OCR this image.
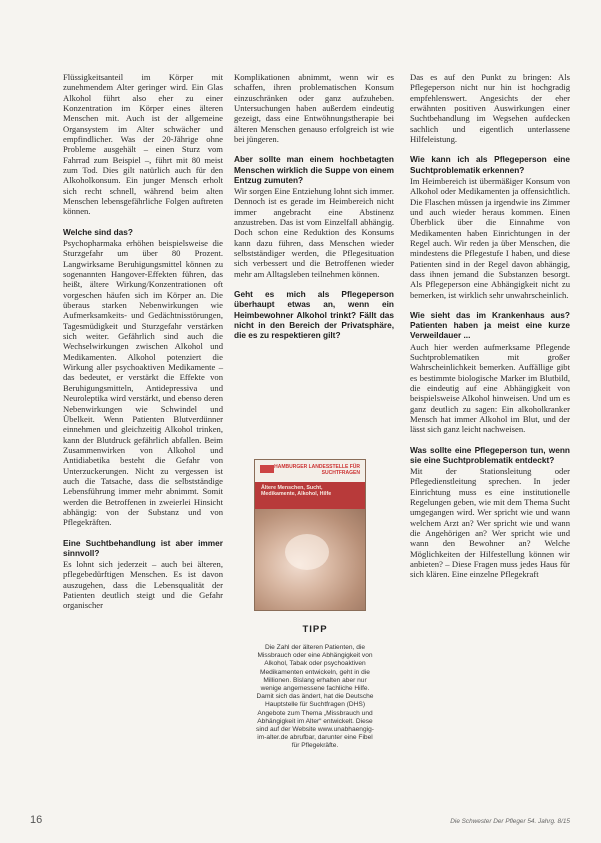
Flüssigkeitsanteil im Körper mit zunehmendem Alter geringer wird. Ein Glas Alkohol führt also eher zu einer Konzentration im Körper eines älteren Menschen mit. Auch ist der allgemeine Organsystem im Alter schwächer und empfindlicher. Was der 20-Jährige ohne Probleme ausgehält – einen Sturz vom Fahrrad zum Beispiel –, führt mit 80 meist zum Tod. Dies gilt natürlich auch für den Alkoholkonsum. Ein junger Mensch erholt sich recht schnell, während beim alten Menschen lebensgefährliche Folgen auftreten können.

Welche sind das?

Psychopharmaka erhöhen beispielsweise die Sturzgefahr um über 80 Prozent. Langwirksame Beruhigungsmittel können zu sogenannten Hangover-Effekten führen, das heißt, ältere Wirkung/Konzentrationen oft vorgeschen häufen sich im Körper an. Die überaus starken Nebenwirkungen wie Aufmerksamkeits- und Gedächtnisstörungen, Tagesmüdigkeit und Sturzgefahr verstärken sich weiter. Gefährlich sind auch die Wechselwirkungen zwischen Alkohol und Medikamenten. Alkohol potenziert die Wirkung aller psychoaktiven Medikamente – das bedeutet, er verstärkt die Effekte von Beruhigungsmitteln, Antidepressiva und Neuroleptika wird verstärkt, und ebenso deren Nebenwirkungen wie Schwindel und Übelkeit. Wenn Patienten Blutverdünner einnehmen und gleichzeitig Alkohol trinken, kann der Blutdruck gefährlich abfallen. Beim Zusammenwirken von Alkohol und Antidiabetika besteht die Gefahr von Unterzuckerungen. Nicht zu vergessen ist auch die Tatsache, dass die selbstständige Lebensführung immer mehr abnimmt. Somit werden die Betroffenen in zweierlei Hinsicht abhängig: von der Substanz und von Pflegekräften.

Eine Suchtbehandlung ist aber immer sinnvoll?

Es lohnt sich jederzeit – auch bei älteren, pflegebedürftigen Menschen. Es ist davon auszugehen, dass die Lebensqualität der Patienten deutlich steigt und die Gefahr organischer

Komplikationen abnimmt, wenn wir es schaffen, ihren problematischen Konsum einzuschränken oder ganz aufzuheben. Untersuchungen haben außerdem eindeutig gezeigt, dass eine Entwöhnungstherapie bei älteren Menschen genauso erfolgreich ist wie bei jüngeren.

Aber sollte man einem hochbetagten Menschen wirklich die Suppe von einem Entzug zumuten?

Wir sorgen Eine Entziehung lohnt sich immer. Dennoch ist es gerade im Heimbereich nicht immer angebracht eine Abstinenz anzustreben. Das ist vom Einzelfall abhängig. Doch schon eine Reduktion des Konsums kann dazu führen, dass Menschen wieder selbstständiger werden, die Pflegesituation sich verbessert und die Betroffenen wieder mehr am Alltagsleben teilnehmen können.

Geht es mich als Pflegeperson überhaupt etwas an, wenn ein Heimbewohner Alkohol trinkt? Fällt das nicht in den Bereich der Privatsphäre, die es zu respektieren gilt?
HAMBURGER LANDESSTELLE FÜR SUCHTFRAGEN
Ältere Menschen, Sucht, Medikamente, Alkohol, Hilfe
TIPP
Die Zahl der älteren Patienten, die Missbrauch oder eine Abhängigkeit von Alkohol, Tabak oder psychoaktiven Medikamenten entwickeln, geht in die Millionen. Bislang erhalten aber nur wenige angemessene fachliche Hilfe. Damit sich das ändert, hat die Deutsche Hauptstelle für Suchtfragen (DHS) Angebote zum Thema „Missbrauch und Abhängigkeit im Alter“ entwickelt. Diese sind auf der Website www.unabhaengig-im-alter.de abrufbar, darunter eine Fibel für Pflegekräfte.

Das es auf den Punkt zu bringen: Als Pflegeperson nicht nur hin ist hochgradig empfehlenswert. Angesichts der eher erwähnten positiven Auswirkungen einer Suchtbehandlung im Wegsehen aufdecken sachlich und eigentlich unterlassene Hilfeleistung.

Wie kann ich als Pflegeperson eine Suchtproblematik erkennen?

Im Heimbereich ist übermäßiger Konsum von Alkohol oder Medikamenten ja offensichtlich. Die Flaschen müssen ja irgendwie ins Zimmer und auch wieder heraus kommen. Einen Überblick über die Einnahme von Medikamenten haben Einrichtungen in der Regel auch. Wir reden ja über Menschen, die mindestens die Pflegestufe I haben, und diese Patienten sind in der Regel davon abhängig, dass ihnen jemand die Substanzen besorgt. Als Pflegeperson eine Abhängigkeit nicht zu bemerken, ist wirklich sehr unwahrscheinlich.

Wie sieht das im Krankenhaus aus? Patienten haben ja meist eine kurze Verweildauer ...

Auch hier werden aufmerksame Pflegende Suchtproblematiken mit großer Wahrscheinlichkeit bemerken. Auffällige gibt es bestimmte biologische Marker im Blutbild, die eindeutig auf eine Abhängigkeit von beispielsweise Alkohol hinweisen. Und um es ganz deutlich zu sagen: Ein alkoholkranker Mensch hat immer Alkohol im Blut, und der lässt sich ganz leicht nachweisen.

Was sollte eine Pflegeperson tun, wenn sie eine Suchtproblematik entdeckt?

Mit der Stationsleitung oder Pflegedienstleitung sprechen. In jeder Einrichtung muss es eine institutionelle Regelungen geben, wie mit dem Thema Sucht umgegangen wird. Wer spricht wie und wann welchem Arzt an? Wer spricht wie und wann die Angehörigen an? Wer spricht wie und wann den Bewohner an? Welche Möglichkeiten der Hilfestellung können wir anbieten? – Diese Fragen muss jedes Haus für sich klären. Eine einzelne Pflegekraft

16	Die Schwester Der Pfleger 54. Jahrg. 8/15
